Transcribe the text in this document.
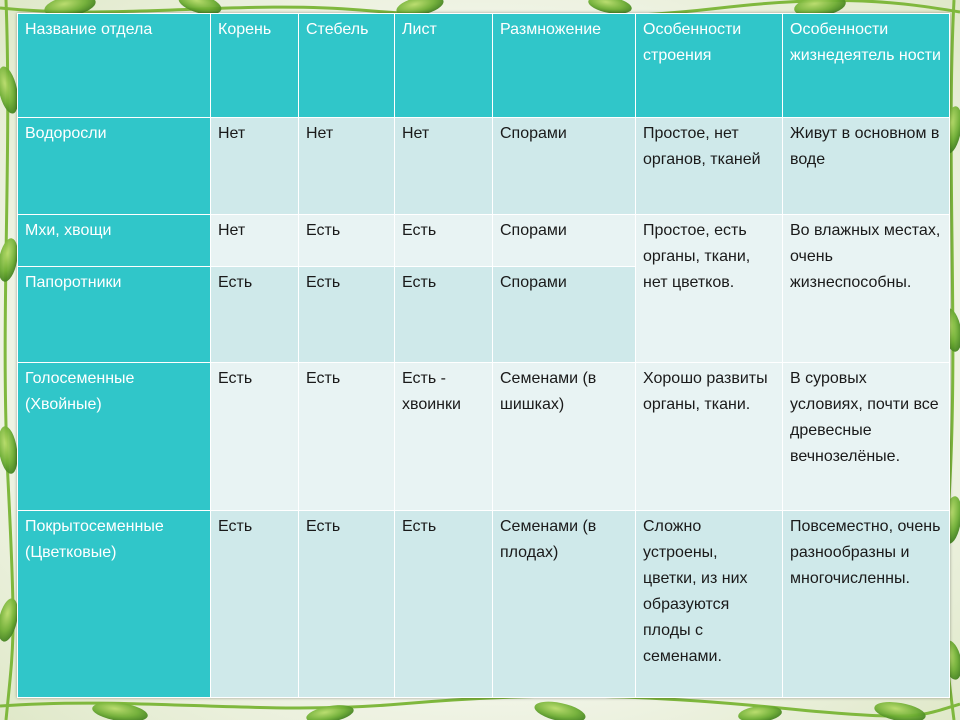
Название отдела	Корень	Стебель	Лист	Размножение	Особенности строения	Особенности жизнедеятель ности
Водоросли	Нет	Нет	Нет	Спорами	Простое, нет органов, тканей	Живут в основном в воде
Мхи, хвощи	Нет	Есть	Есть	Спорами	Простое, есть органы, ткани, нет цветков.	Во влажных местах, очень жизнеспособны.
Папоротники	Есть	Есть	Есть	Спорами		
Голосеменные (Хвойные)	Есть	Есть	Есть - хвоинки	Семенами (в шишках)	Хорошо развиты органы, ткани.	В суровых условиях, почти все древесные вечнозелёные.
Покрытосеменные (Цветковые)	Есть	Есть	Есть	Семенами (в плодах)	Сложно устроены, цветки, из них образуются плоды с семенами.	Повсеместно, очень разнообразны и многочисленны.
